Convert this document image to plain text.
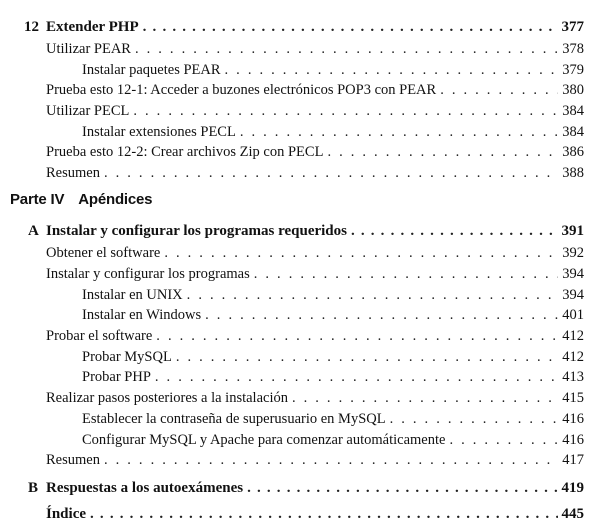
12 Extender PHP . . .	377
Utilizar PEAR . . .	378
Instalar paquetes PEAR . . .	379
Prueba esto 12-1: Acceder a buzones electrónicos POP3 con PEAR . . .	380
Utilizar PECL . . .	384
Instalar extensiones PECL . . .	384
Prueba esto 12-2: Crear archivos Zip con PECL . . .	386
Resumen . . .	388
Parte IV Apéndices
A Instalar y configurar los programas requeridos . . .	391
Obtener el software . . .	392
Instalar y configurar los programas . . .	394
Instalar en UNIX . . .	394
Instalar en Windows . . .	401
Probar el software . . .	412
Probar MySQL . . .	412
Probar PHP . . .	413
Realizar pasos posteriores a la instalación . . .	415
Establecer la contraseña de superusuario en MySQL . . .	416
Configurar MySQL y Apache para comenzar automáticamente . . .	416
Resumen . . .	417
B Respuestas a los autoexámenes . . .	419
Índice . . .	445
